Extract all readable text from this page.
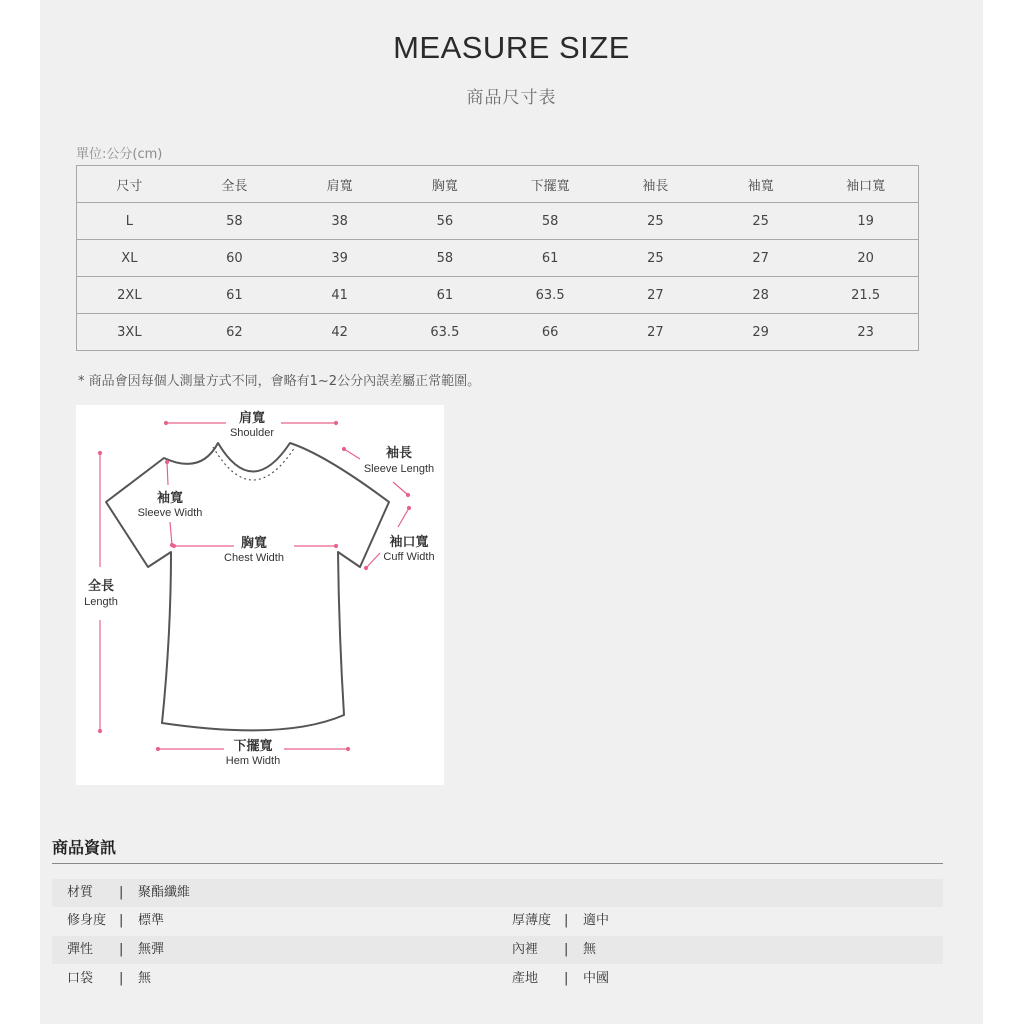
MEASURE SIZE
商品尺寸表
單位:公分(cm)
尺寸	全長	肩寬	胸寬	下擺寬	袖長	袖寬	袖口寬
L	58	38	56	58	25	25	19
XL	60	39	58	61	25	27	20
2XL	61	41	61	63.5	27	28	21.5
3XL	62	42	63.5	66	27	29	23
* 商品會因每個人測量方式不同，會略有1~2公分內誤差屬正常範圍。
肩寬
Shoulder
袖長
Sleeve Length
袖寬
Sleeve Width
胸寬
Chest Width
袖口寬
Cuff Width
全長
Length
下擺寬
Hem Width
商品資訊
材質 | 聚酯纖維
修身度 | 標準	厚薄度 | 適中
彈性 | 無彈	內裡 | 無
口袋 | 無	產地 | 中國
